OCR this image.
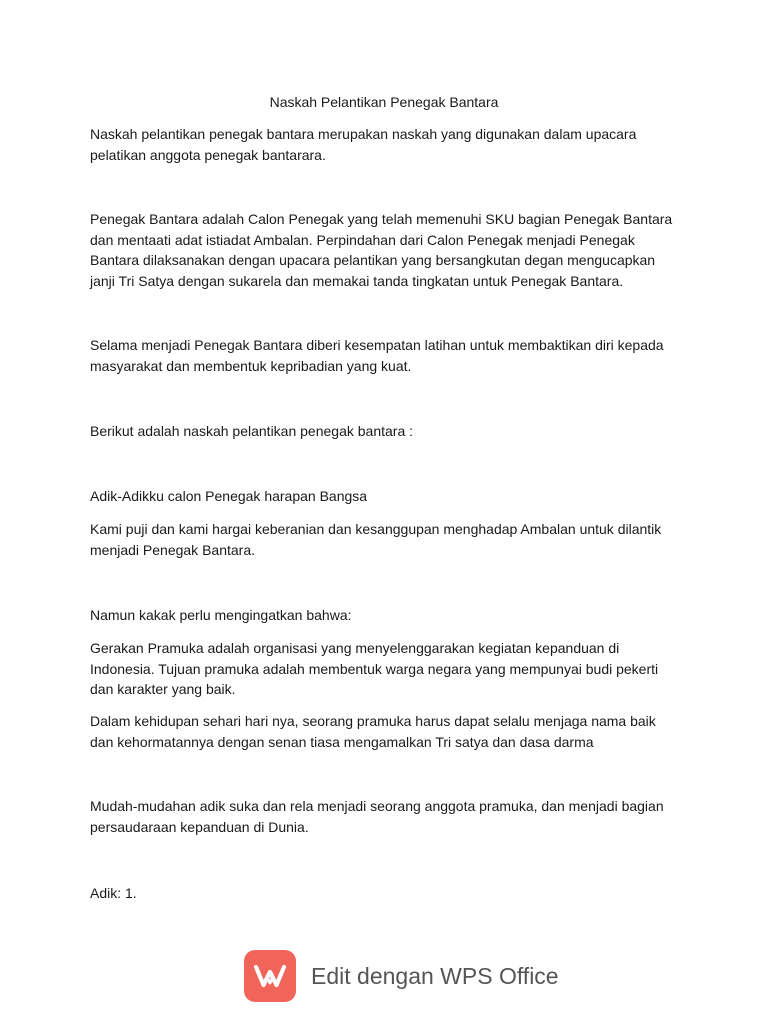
Naskah Pelantikan Penegak Bantara

Naskah pelantikan penegak bantara merupakan naskah yang digunakan dalam upacara
pelatikan anggota penegak bantarara.

Penegak Bantara adalah Calon Penegak yang telah memenuhi SKU bagian Penegak Bantara
dan mentaati adat istiadat Ambalan. Perpindahan dari Calon Penegak menjadi Penegak
Bantara dilaksanakan dengan upacara pelantikan yang bersangkutan degan mengucapkan
janji Tri Satya dengan sukarela dan memakai tanda tingkatan untuk Penegak Bantara.

Selama menjadi Penegak Bantara diberi kesempatan latihan untuk membaktikan diri kepada
masyarakat dan membentuk kepribadian yang kuat.

Berikut adalah naskah pelantikan penegak bantara :

Adik-Adikku calon Penegak harapan Bangsa

Kami puji dan kami hargai keberanian dan kesanggupan menghadap Ambalan untuk dilantik
menjadi Penegak Bantara.

Namun kakak perlu mengingatkan bahwa:

Gerakan Pramuka adalah organisasi yang menyelenggarakan kegiatan kepanduan di
Indonesia. Tujuan pramuka adalah membentuk warga negara yang mempunyai budi pekerti
dan karakter yang baik.

Dalam kehidupan sehari hari nya, seorang pramuka harus dapat selalu menjaga nama baik
dan kehormatannya dengan senan tiasa mengamalkan Tri satya dan dasa darma

Mudah-mudahan adik suka dan rela menjadi seorang anggota pramuka, dan menjadi bagian
persaudaraan kepanduan di Dunia.

Adik: 1.

Edit dengan WPS Office
